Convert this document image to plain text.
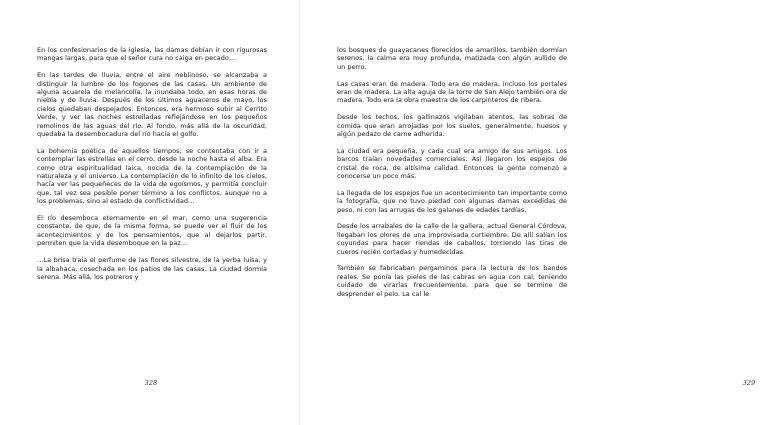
En los confesionarios de la iglesia, las damas debían ir con rigurosas mangas largas, para que el señor cura no caiga en pecado…

En las tardes de lluvia, entre el aire neblinoso, se alcanzaba a distinguir la lumbre de los fogones de las casas. Un ambiente de alguna acuarela de melancolía, la inundaba todo, en esas horas de niebla y de lluvia. Después de los últimos aguaceros de mayo, los cielos quedaban despejados. Entonces, era hermoso subir al Cerrito Verde, y ver las noches estrelladas reflejándose en los pequeños remolinos de las aguas del río. Al fondo, más allá de la oscuridad, quedaba la desembocadura del río hacia el golfo.

La bohemia poética de aquellos tiempos, se contentaba con ir a contemplar las estrellas en el cerro, desde la noche hasta el alba. Era como otra espiritualidad laica, nocida de la contemplación de la naturaleza y el universo. La contemplación de lo infinito de los cielos, hacía ver las pequeñeces de la vida de egoísmos, y permitía concluir que, tal vez sea posible poner término a los conflictos, aunque no a los problemas, sino al estado de conflictividad…

El río desemboca eternamente en el mar, como una sugerencia constante, de que, de la misma forma, se puede ver el fluir de los acontecimientos y de los pensamientos, que al dejarlos partir, permiten que la vida desemboque en la paz…

…La brisa traía el perfume de las flores silvestre, de la yerba luisa, y la albahaca, cosechada en los patios de las casas. La ciudad dormía serena. Más allá, los potreros y

328	329

los bosques de guayacanes florecidos de amarillos, también dormían serenos, la calma era muy profunda, matizada con algún aullido de un perro.

Las casas eran de madera. Todo era de madera, incluso los portales eran de madera. La alta aguja de la torre de San Alejo también era de madera. Todo era la obra maestra de los carpinteros de ribera.

Desde los techos, los gallinazos vigilaban atentos, las sobras de comida que eran arrojadas por los suelos, generalmente, huesos y algún pedazo de carne adherida.

La ciudad era pequeña, y cada cual era amigo de sus amigos. Los barcos traían novedades comerciales. Así llegaron los espejos de cristal de roca, de altísima calidad. Entonces la gente comenzó a conocerse un poco más.

La llegada de los espejos fue un acontecimiento tan importante como la fotografía, que no tuvo piedad con algunas damas excedidas de peso, ni con las arrugas de los galanes de edades tardías.

Desde los arrabales de la calle de la gallera, actual General Córdova, llegaban los olores de una improvisada curtiembre. De allí salían los coyundas para hacer riendas de caballos, torciendo las tiras de cueros recién cortadas y humedecidas.

También se fabricaban pergaminos para la lectura de los bandos reales. Se ponía las pieles de las cabras en agua con cal, teniendo cuidado de virarlas frecuentemente, para que se termine de desprender el pelo. La cal le
